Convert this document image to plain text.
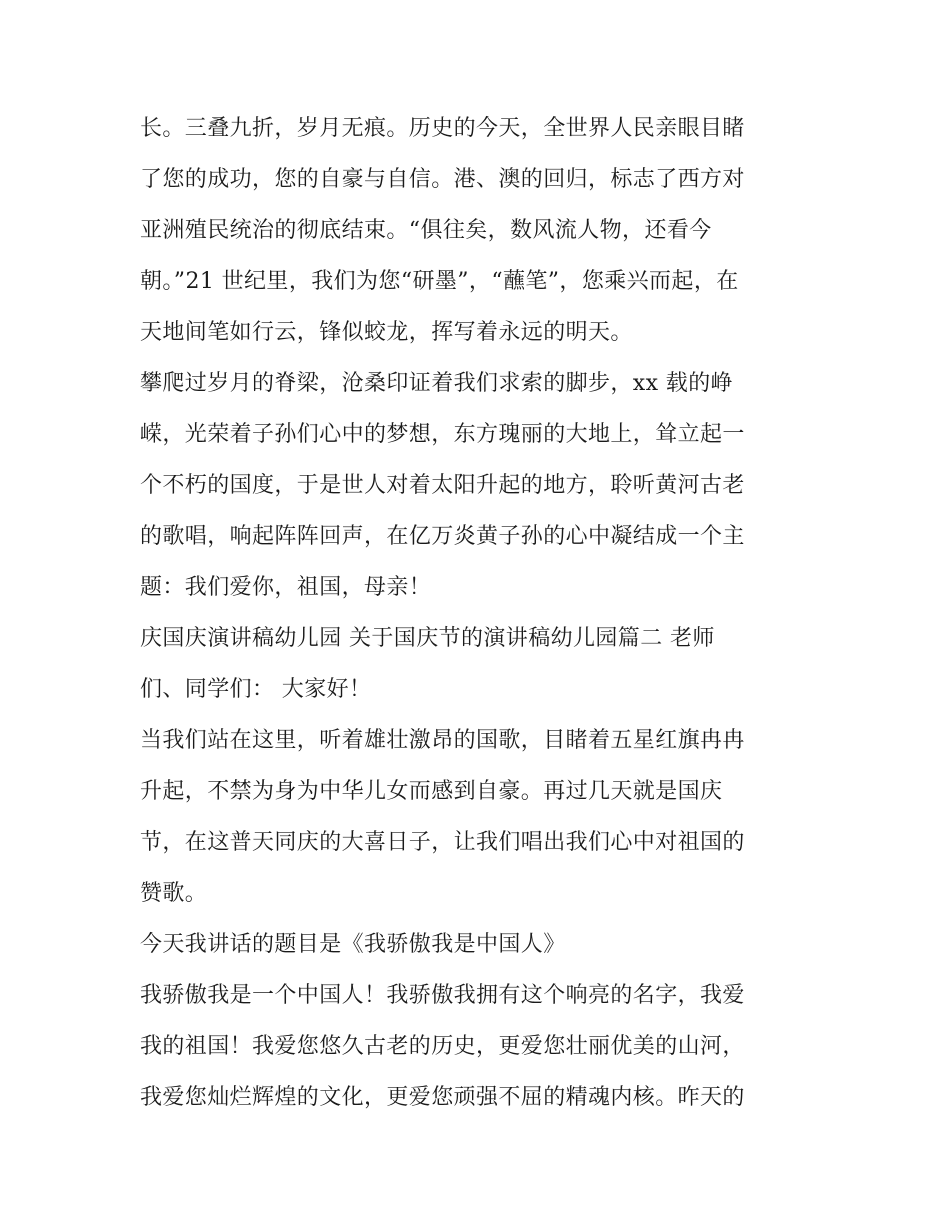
长。三叠九折，岁月无痕。历史的今天，全世界人民亲眼目睹
了您的成功，您的自豪与自信。港、澳的回归，标志了西方对
亚洲殖民统治的彻底结束。“俱往矣，数风流人物，还看今
朝。”21 世纪里，我们为您“研墨”，“蘸笔”，您乘兴而起，在
天地间笔如行云，锋似蛟龙，挥写着永远的明天。
攀爬过岁月的脊梁，沧桑印证着我们求索的脚步，xx 载的峥
嵘，光荣着子孙们心中的梦想，东方瑰丽的大地上，耸立起一
个不朽的国度，于是世人对着太阳升起的地方，聆听黄河古老
的歌唱，响起阵阵回声，在亿万炎黄子孙的心中凝结成一个主
题：我们爱你，祖国，母亲！
庆国庆演讲稿幼儿园 关于国庆节的演讲稿幼儿园篇二 老师
们、同学们： 大家好！
当我们站在这里，听着雄壮激昂的国歌，目睹着五星红旗冉冉
升起，不禁为身为中华儿女而感到自豪。再过几天就是国庆
节，在这普天同庆的大喜日子，让我们唱出我们心中对祖国的
赞歌。
今天我讲话的题目是《我骄傲我是中国人》
我骄傲我是一个中国人！我骄傲我拥有这个响亮的名字，我爱
我的祖国！我爱您悠久古老的历史，更爱您壮丽优美的山河，
我爱您灿烂辉煌的文化，更爱您顽强不屈的精魂内核。昨天的
